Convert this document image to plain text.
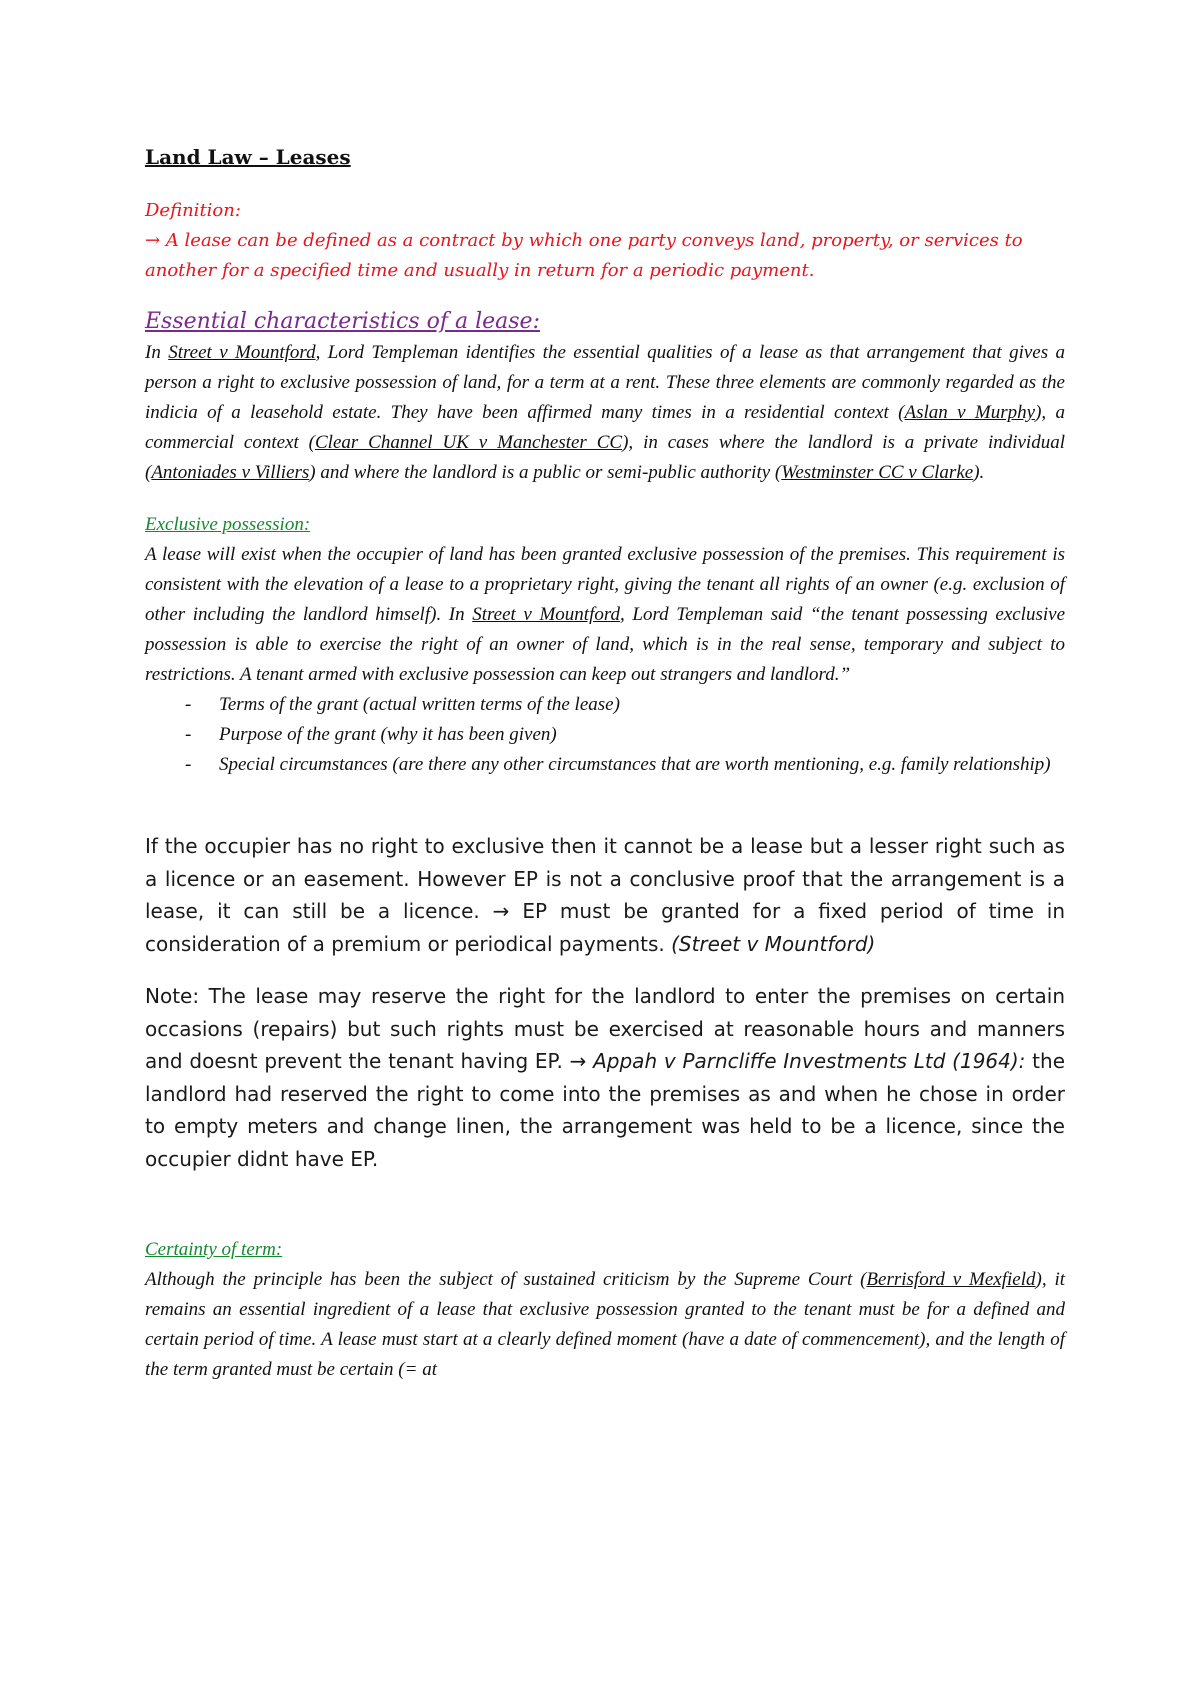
Land Law – Leases

Definition:

→ A lease can be defined as a contract by which one party conveys land, property, or services to another for a specified time and usually in return for a periodic payment.

Essential characteristics of a lease:

In Street v Mountford, Lord Templeman identifies the essential qualities of a lease as that arrangement that gives a person a right to exclusive possession of land, for a term at a rent. These three elements are commonly regarded as the indicia of a leasehold estate. They have been affirmed many times in a residential context (Aslan v Murphy), a commercial context (Clear Channel UK v Manchester CC), in cases where the landlord is a private individual (Antoniades v Villiers) and where the landlord is a public or semi-public authority (Westminster CC v Clarke).

Exclusive possession:

A lease will exist when the occupier of land has been granted exclusive possession of the premises. This requirement is consistent with the elevation of a lease to a proprietary right, giving the tenant all rights of an owner (e.g. exclusion of other including the landlord himself). In Street v Mountford, Lord Templeman said “the tenant possessing exclusive possession is able to exercise the right of an owner of land, which is in the real sense, temporary and subject to restrictions. A tenant armed with exclusive possession can keep out strangers and landlord.”

- Terms of the grant (actual written terms of the lease)
- Purpose of the grant (why it has been given)
- Special circumstances (are there any other circumstances that are worth mentioning, e.g. family relationship)

If the occupier has no right to exclusive then it cannot be a lease but a lesser right such as a licence or an easement. However EP is not a conclusive proof that the arrangement is a lease, it can still be a licence. → EP must be granted for a fixed period of time in consideration of a premium or periodical payments. (Street v Mountford)

Note: The lease may reserve the right for the landlord to enter the premises on certain occasions (repairs) but such rights must be exercised at reasonable hours and manners and doesnt prevent the tenant having EP. → Appah v Parncliffe Investments Ltd (1964): the landlord had reserved the right to come into the premises as and when he chose in order to empty meters and change linen, the arrangement was held to be a licence, since the occupier didnt have EP.

Certainty of term:

Although the principle has been the subject of sustained criticism by the Supreme Court (Berrisford v Mexfield), it remains an essential ingredient of a lease that exclusive possession granted to the tenant must be for a defined and certain period of time. A lease must start at a clearly defined moment (have a date of commencement), and the length of the term granted must be certain (= at
